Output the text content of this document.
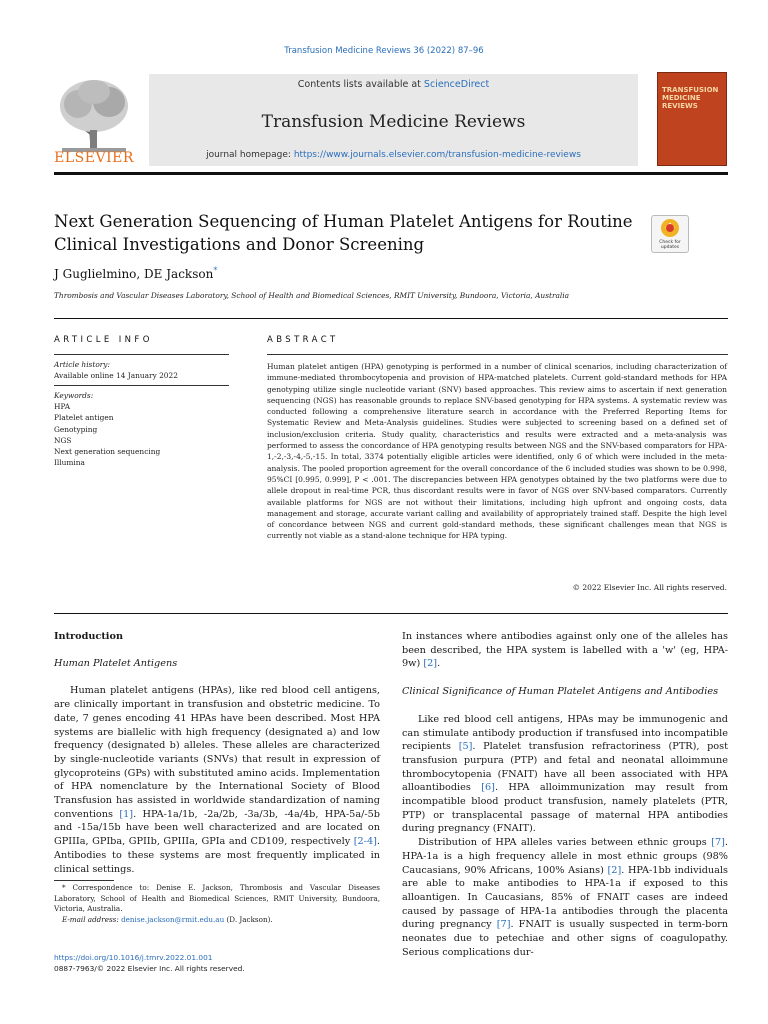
Transfusion Medicine Reviews 36 (2022) 87–96
ELSEVIER
Contents lists available at ScienceDirect
Transfusion Medicine Reviews
journal homepage: https://www.journals.elsevier.com/transfusion-medicine-reviews
TRANSFUSION
MEDICINE
REVIEWS
Next Generation Sequencing of Human Platelet Antigens for Routine Clinical Investigations and Donor Screening	Check for updates
J Guglielmino, DE Jackson*
Thrombosis and Vascular Diseases Laboratory, School of Health and Biomedical Sciences, RMIT University, Bundoora, Victoria, Australia
ARTICLE INFO	ABSTRACT
Article history:
Available online 14 January 2022
Keywords:
HPA
Platelet antigen
Genotyping
NGS
Next generation sequencing
Illumina
Human platelet antigen (HPA) genotyping is performed in a number of clinical scenarios, including characterization of immune-mediated thrombocytopenia and provision of HPA-matched platelets. Current gold-standard methods for HPA genotyping utilize single nucleotide variant (SNV) based approaches. This review aims to ascertain if next generation sequencing (NGS) has reasonable grounds to replace SNV-based genotyping for HPA systems. A systematic review was conducted following a comprehensive literature search in accordance with the Preferred Reporting Items for Systematic Review and Meta-Analysis guidelines. Studies were subjected to screening based on a defined set of inclusion/exclusion criteria. Study quality, characteristics and results were extracted and a meta-analysis was performed to assess the concordance of HPA genotyping results between NGS and the SNV-based comparators for HPA-1,-2,-3,-4,-5,-15. In total, 3374 potentially eligible articles were identified, only 6 of which were included in the meta-analysis. The pooled proportion agreement for the overall concordance of the 6 included studies was shown to be 0.998, 95%CI [0.995, 0.999], P < .001. The discrepancies between HPA genotypes obtained by the two platforms were due to allele dropout in real-time PCR, thus discordant results were in favor of NGS over SNV-based comparators. Currently available platforms for NGS are not without their limitations, including high upfront and ongoing costs, data management and storage, accurate variant calling and availability of appropriately trained staff. Despite the high level of concordance between NGS and current gold-standard methods, these significant challenges mean that NGS is currently not viable as a stand-alone technique for HPA typing.
© 2022 Elsevier Inc. All rights reserved.

Introduction

Human Platelet Antigens

Human platelet antigens (HPAs), like red blood cell antigens, are clinically important in transfusion and obstetric medicine. To date, 7 genes encoding 41 HPAs have been described. Most HPA systems are biallelic with high frequency (designated a) and low frequency (designated b) alleles. These alleles are characterized by single-nucleotide variants (SNVs) that result in expression of glycoproteins (GPs) with substituted amino acids. Implementation of HPA nomenclature by the International Society of Blood Transfusion has assisted in worldwide standardization of naming conventions [1]. HPA-1a/1b, -2a/2b, -3a/3b, -4a/4b, HPA-5a/-5b and -15a/15b have been well characterized and are located on GPIIIa, GPIba, GPIIb, GPIIIa, GPIa and CD109, respectively [2-4]. Antibodies to these systems are most frequently implicated in clinical settings.

* Correspondence to: Denise E. Jackson, Thrombosis and Vascular Diseases Laboratory, School of Health and Biomedical Sciences, RMIT University, Bundoora, Victoria, Australia.
E-mail address: denise.jackson@rmit.edu.au (D. Jackson).
https://doi.org/10.1016/j.tmrv.2022.01.001
0887-7963/© 2022 Elsevier Inc. All rights reserved.

In instances where antibodies against only one of the alleles has been described, the HPA system is labelled with a 'w' (eg, HPA-9w) [2].

Clinical Significance of Human Platelet Antigens and Antibodies

Like red blood cell antigens, HPAs may be immunogenic and can stimulate antibody production if transfused into incompatible recipients [5]. Platelet transfusion refractoriness (PTR), post transfusion purpura (PTP) and fetal and neonatal alloimmune thrombocytopenia (FNAIT) have all been associated with HPA alloantibodies [6]. HPA alloimmunization may result from incompatible blood product transfusion, namely platelets (PTR, PTP) or transplacental passage of maternal HPA antibodies during pregnancy (FNAIT).

Distribution of HPA alleles varies between ethnic groups [7]. HPA-1a is a high frequency allele in most ethnic groups (98% Caucasians, 90% Africans, 100% Asians) [2]. HPA-1bb individuals are able to make antibodies to HPA-1a if exposed to this alloantigen. In Caucasians, 85% of FNAIT cases are indeed caused by passage of HPA-1a antibodies through the placenta during pregnancy [7]. FNAIT is usually suspected in term-born neonates due to petechiae and other signs of coagulopathy. Serious complications dur-
